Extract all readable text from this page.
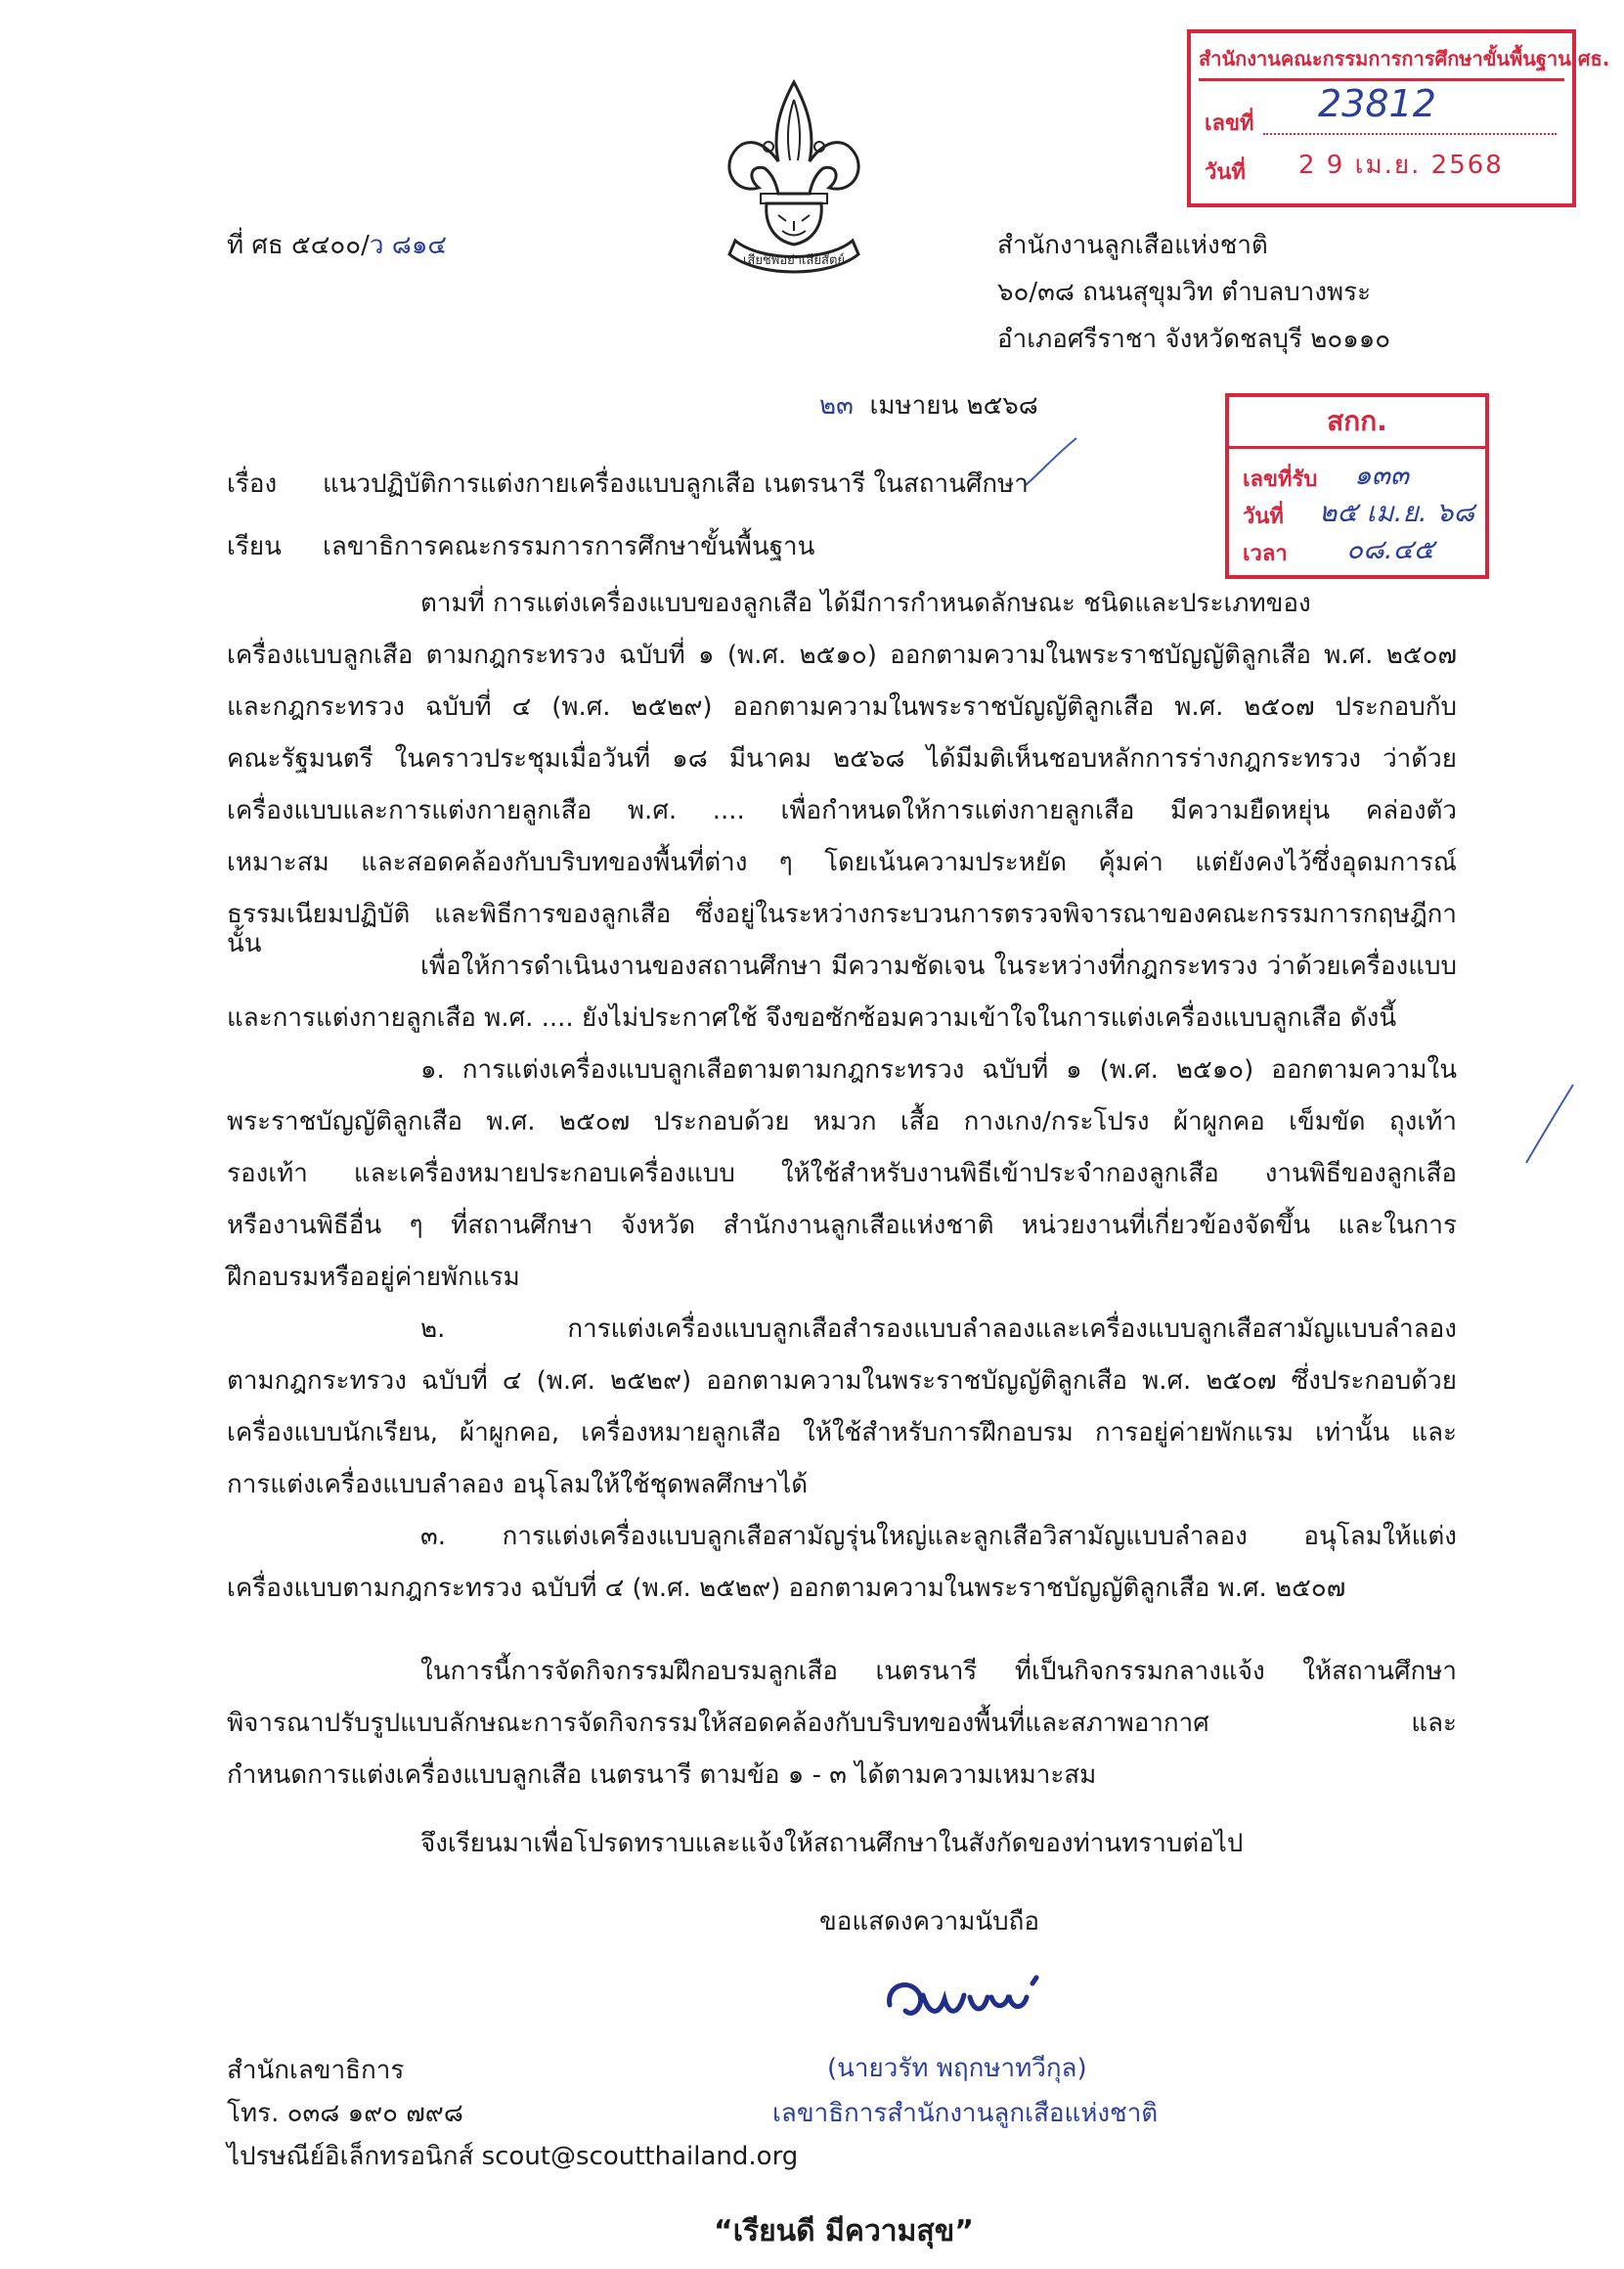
เสียชีพอย่าเสียสัตย์
สำนักงานคณะกรรมการการศึกษาขั้นพื้นฐาน ศธ.
เลขที่ 23812
วันที่ 2 9 เม.ย. 2568
สกก.
เลขที่รับ ๑๓๓
วันที่ ๒๕ เม.ย. ๖๘
เวลา ๐๘.๔๕
ที่ ศธ ๕๔๐๐/ว ๘๑๔	สำนักงานลูกเสือแห่งชาติ
๖๐/๓๘ ถนนสุขุมวิท ตำบลบางพระ
อำเภอศรีราชา จังหวัดชลบุรี ๒๐๑๑๐
๒๓ เมษายน ๒๕๖๘
เรื่อง แนวปฏิบัติการแต่งกายเครื่องแบบลูกเสือ เนตรนารี ในสถานศึกษา
เรียน เลขาธิการคณะกรรมการการศึกษาขั้นพื้นฐาน
ตามที่ การแต่งเครื่องแบบของลูกเสือ ได้มีการกำหนดลักษณะ ชนิดและประเภทของ
เครื่องแบบลูกเสือ ตามกฎกระทรวง ฉบับที่ ๑ (พ.ศ. ๒๕๑๐) ออกตามความในพระราชบัญญัติลูกเสือ พ.ศ. ๒๕๐๗
และกฎกระทรวง ฉบับที่ ๔ (พ.ศ. ๒๕๒๙) ออกตามความในพระราชบัญญัติลูกเสือ พ.ศ. ๒๕๐๗ ประกอบกับ
คณะรัฐมนตรี ในคราวประชุมเมื่อวันที่ ๑๘ มีนาคม ๒๕๖๘ ได้มีมติเห็นชอบหลักการร่างกฎกระทรวง ว่าด้วย
เครื่องแบบและการแต่งกายลูกเสือ พ.ศ. .... เพื่อกำหนดให้การแต่งกายลูกเสือ มีความยืดหยุ่น คล่องตัว
เหมาะสม และสอดคล้องกับบริบทของพื้นที่ต่าง ๆ โดยเน้นความประหยัด คุ้มค่า แต่ยังคงไว้ซึ่งอุดมการณ์
ธรรมเนียมปฏิบัติ และพิธีการของลูกเสือ ซึ่งอยู่ในระหว่างกระบวนการตรวจพิจารณาของคณะกรรมการกฤษฎีกา นั้น
เพื่อให้การดำเนินงานของสถานศึกษา มีความชัดเจน ในระหว่างที่กฎกระทรวง ว่าด้วยเครื่องแบบ
และการแต่งกายลูกเสือ พ.ศ. .... ยังไม่ประกาศใช้ จึงขอซักซ้อมความเข้าใจในการแต่งเครื่องแบบลูกเสือ ดังนี้
๑. การแต่งเครื่องแบบลูกเสือตามตามกฎกระทรวง ฉบับที่ ๑ (พ.ศ. ๒๕๑๐) ออกตามความใน
พระราชบัญญัติลูกเสือ พ.ศ. ๒๕๐๗ ประกอบด้วย หมวก เสื้อ กางเกง/กระโปรง ผ้าผูกคอ เข็มขัด ถุงเท้า
รองเท้า และเครื่องหมายประกอบเครื่องแบบ ให้ใช้สำหรับงานพิธีเข้าประจำกองลูกเสือ งานพิธีของลูกเสือ
หรืองานพิธีอื่น ๆ ที่สถานศึกษา จังหวัด สำนักงานลูกเสือแห่งชาติ หน่วยงานที่เกี่ยวข้องจัดขึ้น และในการ
ฝึกอบรมหรืออยู่ค่ายพักแรม
๒. การแต่งเครื่องแบบลูกเสือสำรองแบบลำลองและเครื่องแบบลูกเสือสามัญแบบลำลอง
ตามกฎกระทรวง ฉบับที่ ๔ (พ.ศ. ๒๕๒๙) ออกตามความในพระราชบัญญัติลูกเสือ พ.ศ. ๒๕๐๗ ซึ่งประกอบด้วย
เครื่องแบบนักเรียน, ผ้าผูกคอ, เครื่องหมายลูกเสือ ให้ใช้สำหรับการฝึกอบรม การอยู่ค่ายพักแรม เท่านั้น และ
การแต่งเครื่องแบบลำลอง อนุโลมให้ใช้ชุดพลศึกษาได้
๓. การแต่งเครื่องแบบลูกเสือสามัญรุ่นใหญ่และลูกเสือวิสามัญแบบลำลอง อนุโลมให้แต่ง
เครื่องแบบตามกฎกระทรวง ฉบับที่ ๔ (พ.ศ. ๒๕๒๙) ออกตามความในพระราชบัญญัติลูกเสือ พ.ศ. ๒๕๐๗
ในการนี้การจัดกิจกรรมฝึกอบรมลูกเสือ เนตรนารี ที่เป็นกิจกรรมกลางแจ้ง ให้สถานศึกษา
พิจารณาปรับรูปแบบลักษณะการจัดกิจกรรมให้สอดคล้องกับบริบทของพื้นที่และสภาพอากาศ และ
กำหนดการแต่งเครื่องแบบลูกเสือ เนตรนารี ตามข้อ ๑ - ๓ ได้ตามความเหมาะสม
จึงเรียนมาเพื่อโปรดทราบและแจ้งให้สถานศึกษาในสังกัดของท่านทราบต่อไป
ขอแสดงความนับถือ
(นายวรัท พฤกษาทวีกุล)
เลขาธิการสำนักงานลูกเสือแห่งชาติ
สำนักเลขาธิการ
โทร. ๐๓๘ ๑๙๐ ๗๙๘
ไปรษณีย์อิเล็กทรอนิกส์ scout@scoutthailand.org
“เรียนดี มีความสุข”
